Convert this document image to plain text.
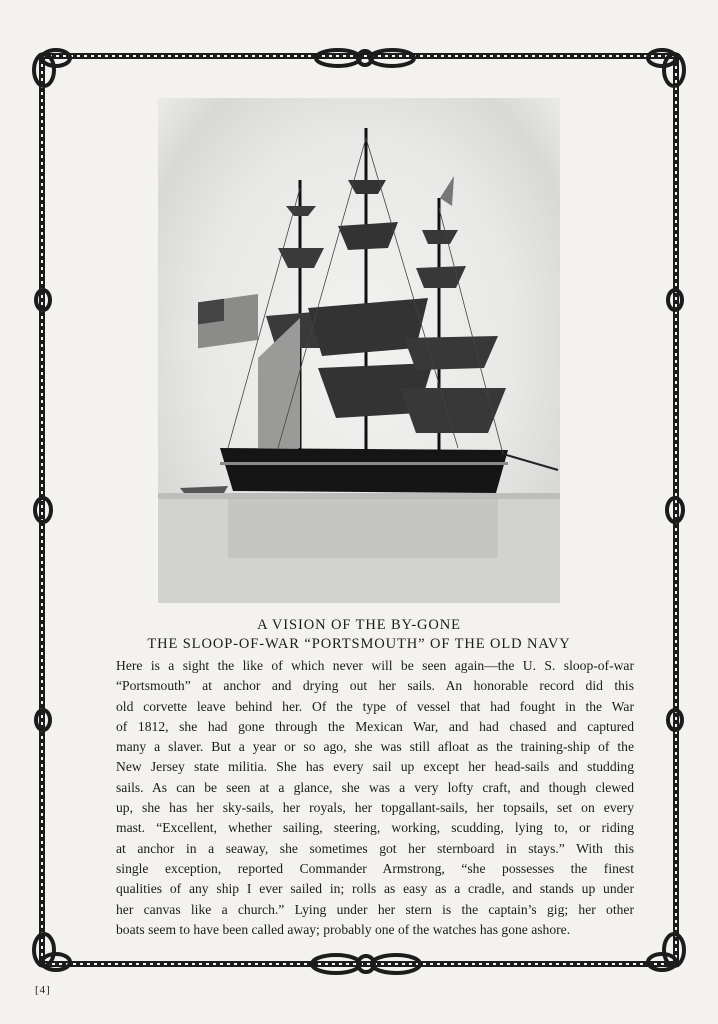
A VISION OF THE BY-GONE
THE SLOOP-OF-WAR “PORTSMOUTH” OF THE OLD NAVY
Here is a sight the like of which never will be seen again—the U. S. sloop-of-war
“Portsmouth” at anchor and drying out her sails. An honorable record did this
old corvette leave behind her. Of the type of vessel that had fought in the War
of 1812, she had gone through the Mexican War, and had chased and captured
many a slaver. But a year or so ago, she was still afloat as the training-ship of the
New Jersey state militia. She has every sail up except her head-sails and studding
sails. As can be seen at a glance, she was a very lofty craft, and though clewed
up, she has her sky-sails, her royals, her topgallant-sails, her topsails, set on every
mast. “Excellent, whether sailing, steering, working, scudding, lying to, or riding
at anchor in a seaway, she sometimes got her sternboard in stays.” With this
single exception, reported Commander Armstrong, “she possesses the finest
qualities of any ship I ever sailed in; rolls as easy as a cradle, and stands up under
her canvas like a church.” Lying under her stern is the captain’s gig; her other
boats seem to have been called away; probably one of the watches has gone ashore.
[4]
